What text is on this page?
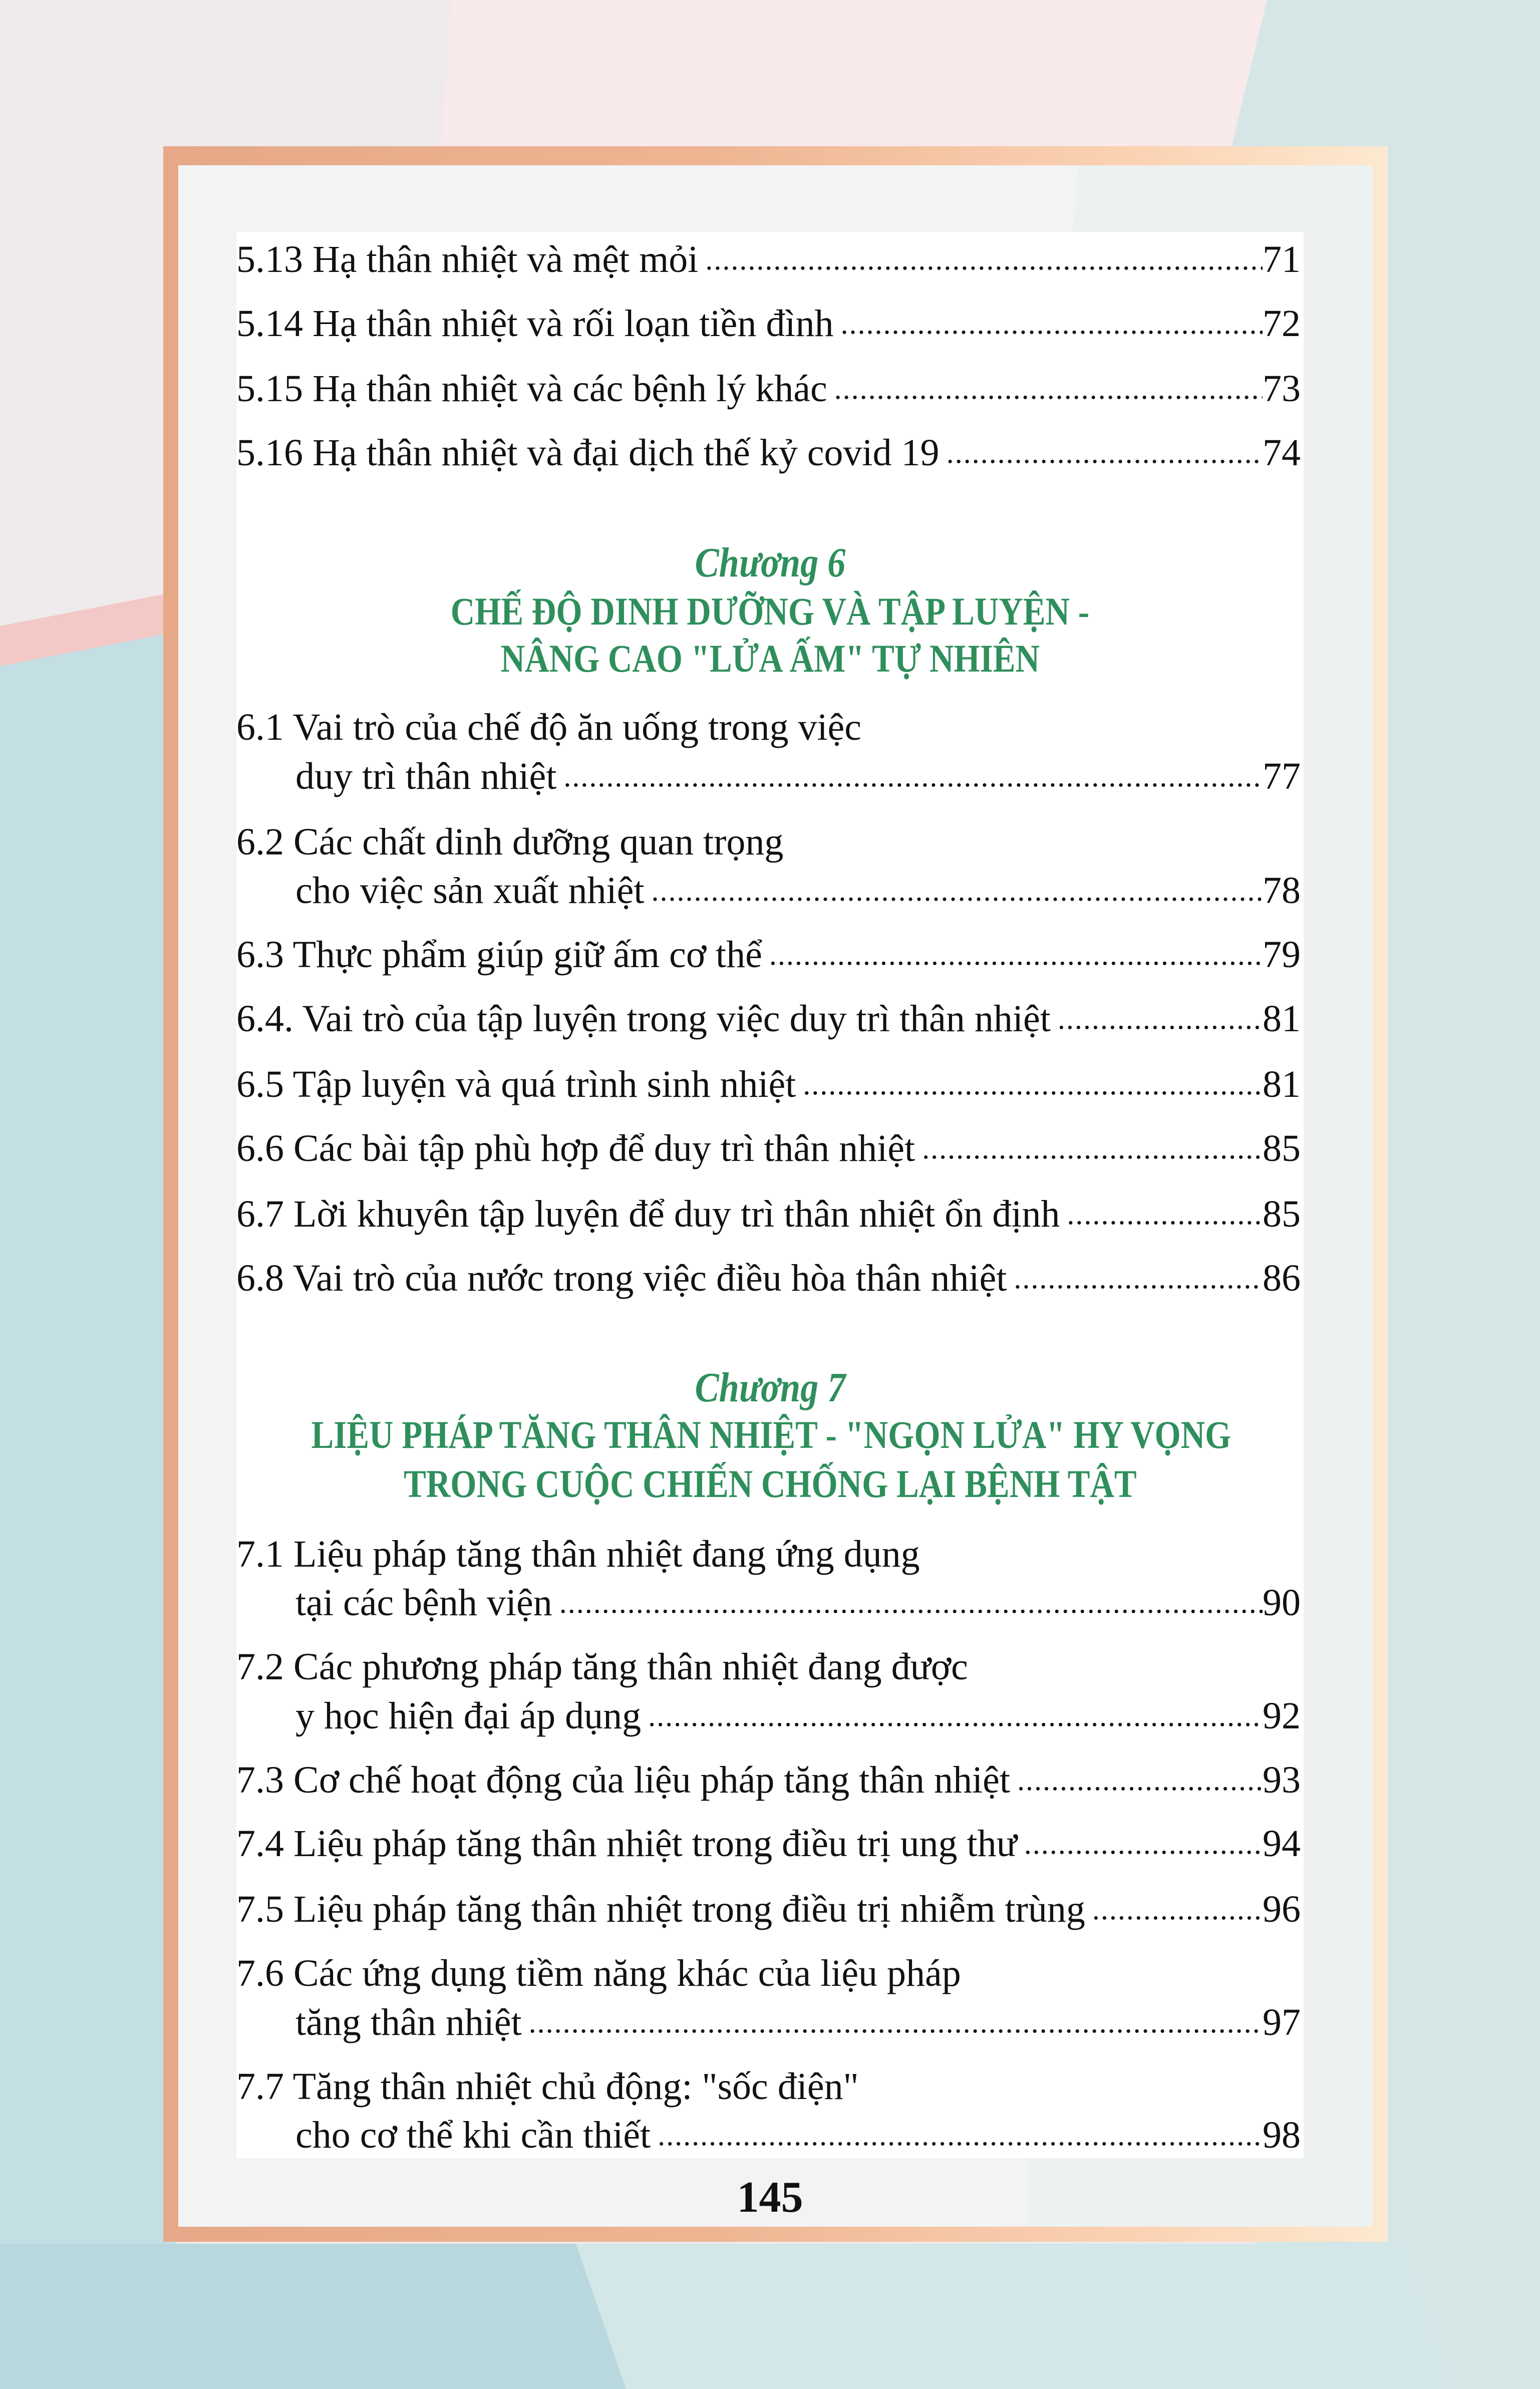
5.13 Hạ thân nhiệt và mệt mỏi .....	71
5.14 Hạ thân nhiệt và rối loạn tiền đình .....	72
5.15 Hạ thân nhiệt và các bệnh lý khác .....	73
5.16 Hạ thân nhiệt và đại dịch thế kỷ covid 19 .....	74
Chương 6
CHẾ ĐỘ DINH DƯỠNG VÀ TẬP LUYỆN -
NÂNG CAO "LỬA ẤM" TỰ NHIÊN
6.1 Vai trò của chế độ ăn uống trong việc
duy trì thân nhiệt .....	77
6.2 Các chất dinh dưỡng quan trọng
cho việc sản xuất nhiệt .....	78
6.3 Thực phẩm giúp giữ ấm cơ thể .....	79
6.4. Vai trò của tập luyện trong việc duy trì thân nhiệt .....	81
6.5 Tập luyện và quá trình sinh nhiệt .....	81
6.6 Các bài tập phù hợp để duy trì thân nhiệt .....	85
6.7 Lời khuyên tập luyện để duy trì thân nhiệt ổn định .....	85
6.8 Vai trò của nước trong việc điều hòa thân nhiệt .....	86
Chương 7
LIỆU PHÁP TĂNG THÂN NHIỆT - "NGỌN LỬA" HY VỌNG
TRONG CUỘC CHIẾN CHỐNG LẠI BỆNH TẬT
7.1 Liệu pháp tăng thân nhiệt đang ứng dụng
tại các bệnh viện .....	90
7.2 Các phương pháp tăng thân nhiệt đang được
y học hiện đại áp dụng .....	92
7.3 Cơ chế hoạt động của liệu pháp tăng thân nhiệt .....	93
7.4 Liệu pháp tăng thân nhiệt trong điều trị ung thư .....	94
7.5 Liệu pháp tăng thân nhiệt trong điều trị nhiễm trùng .....	96
7.6 Các ứng dụng tiềm năng khác của liệu pháp
tăng thân nhiệt .....	97
7.7 Tăng thân nhiệt chủ động: "sốc điện"
cho cơ thể khi cần thiết .....	98
145
